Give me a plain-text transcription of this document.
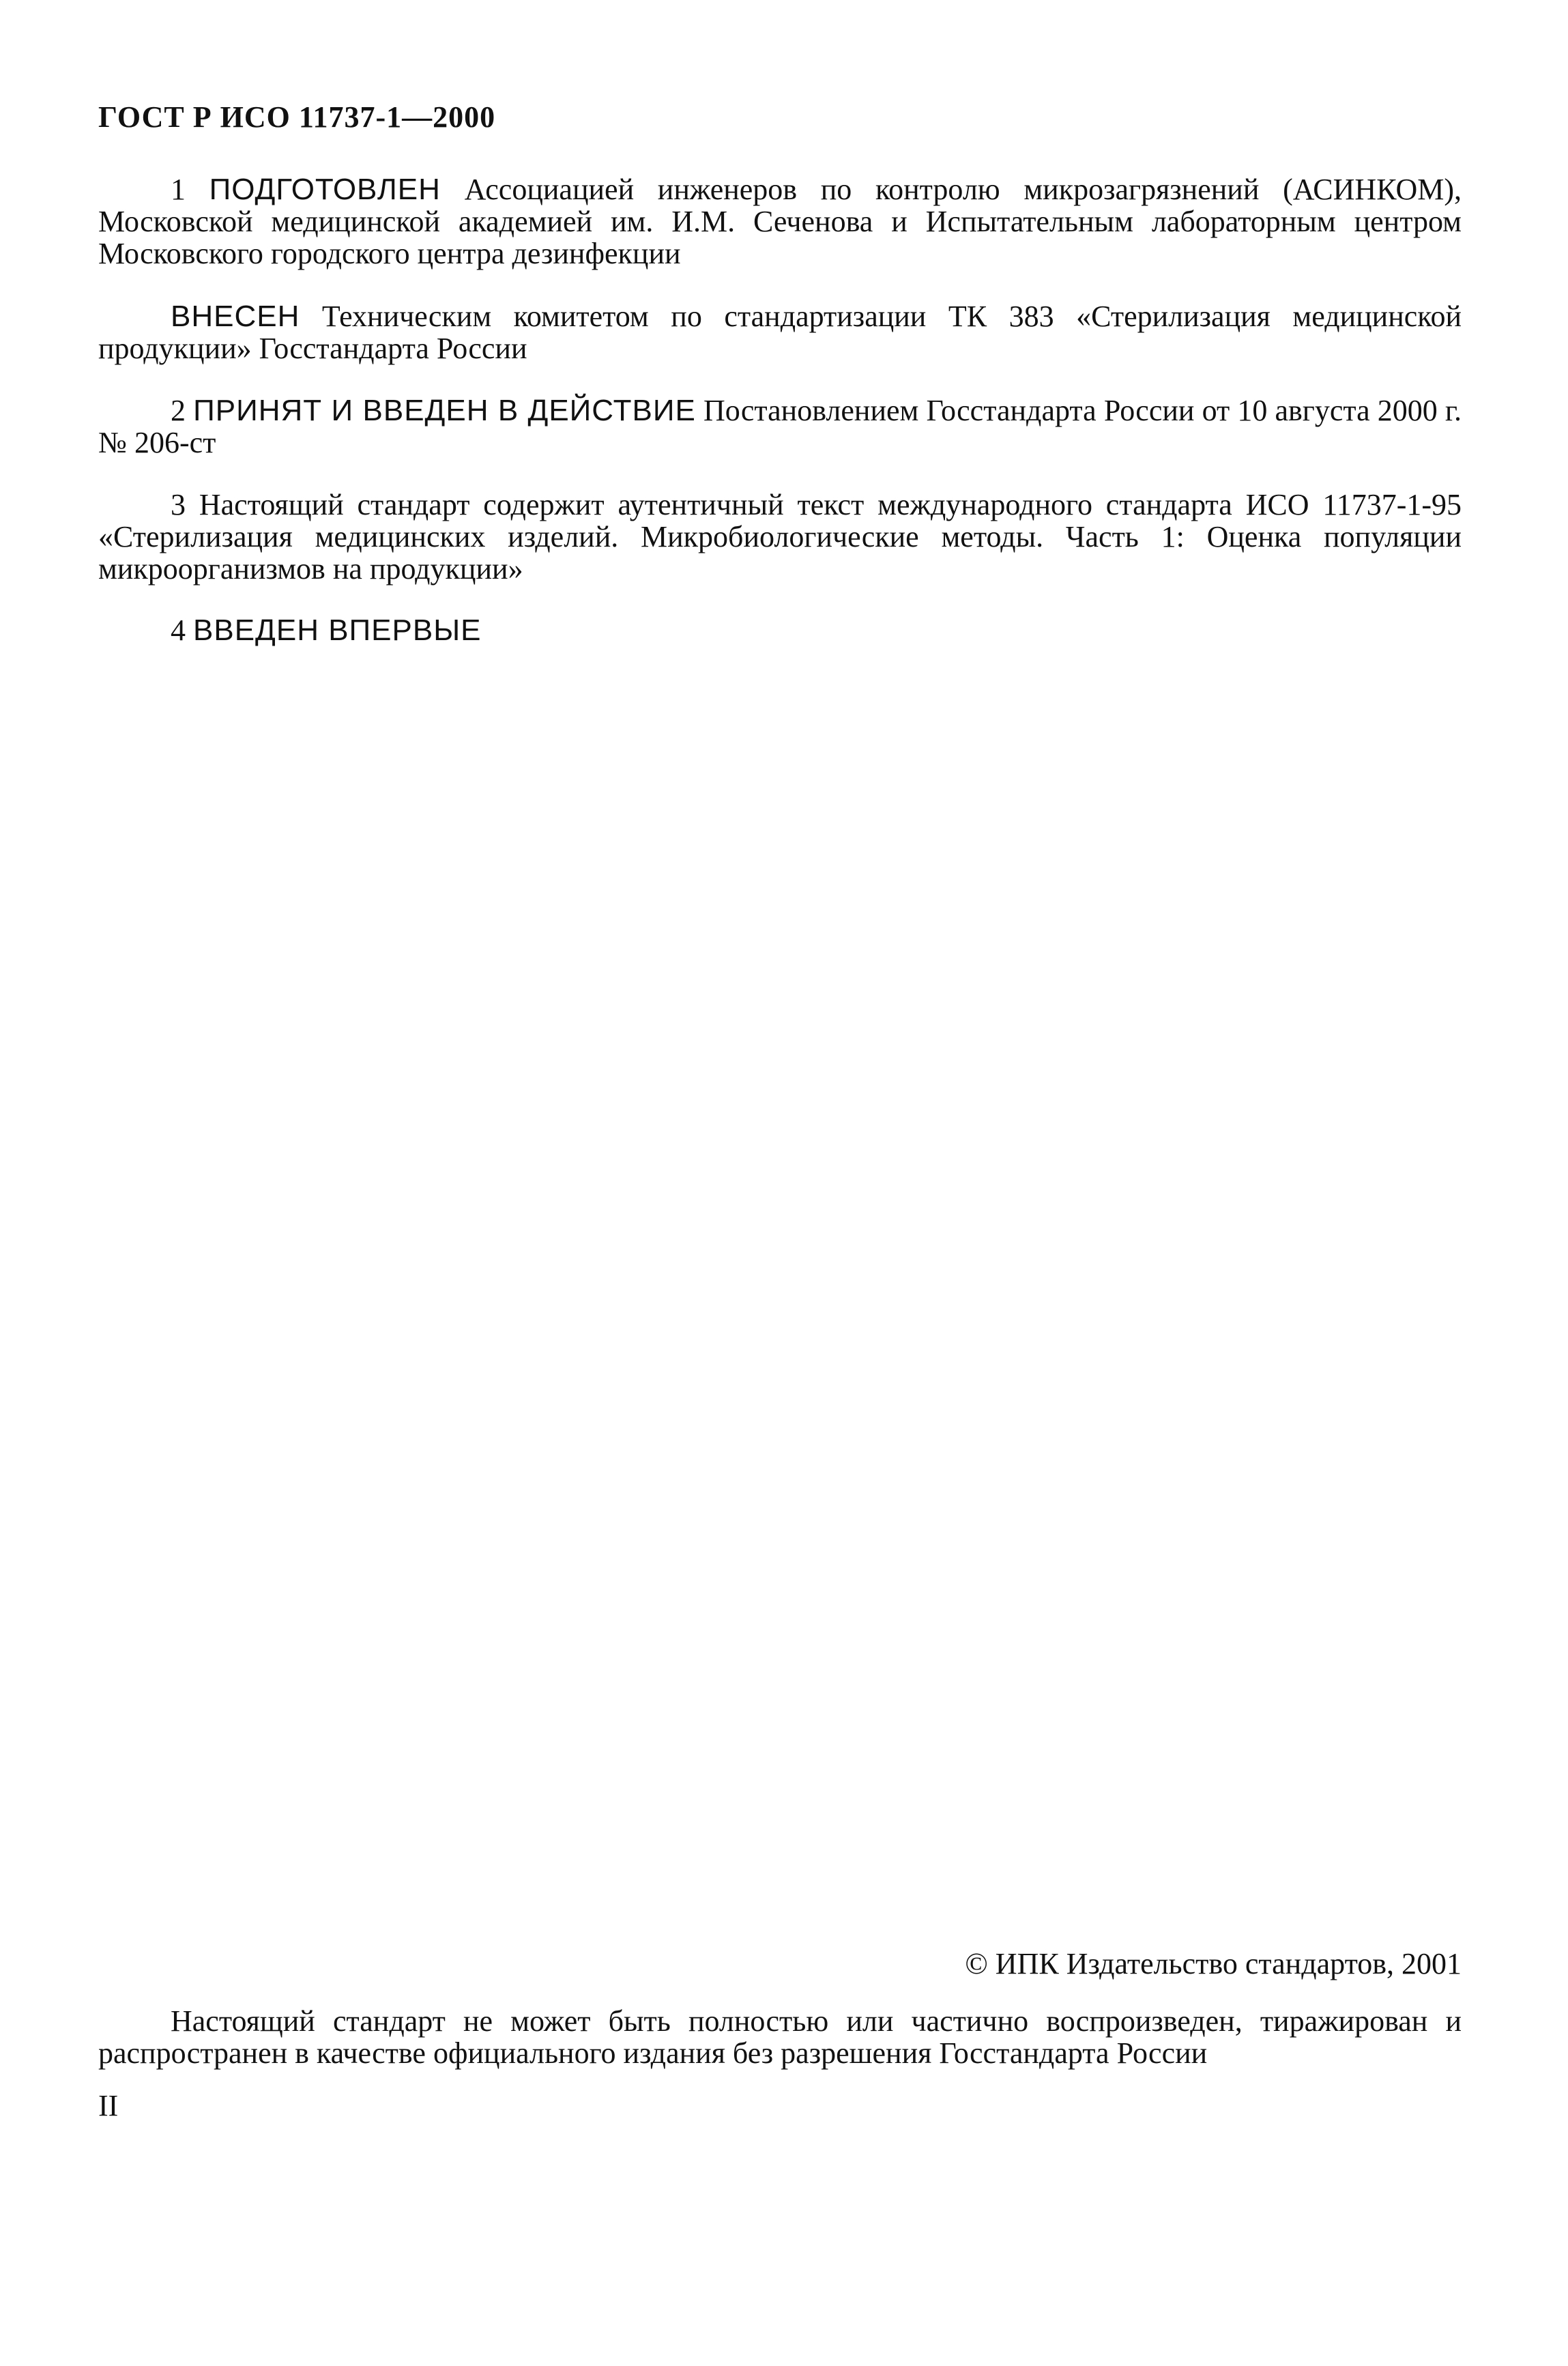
ГОСТ Р ИСО 11737-1—2000
1 ПОДГОТОВЛЕН Ассоциацией инженеров по контролю микрозагрязнений (АСИНКОМ), Московской медицинской академией им. И.М. Сеченова и Испытательным лабораторным центром Московского городского центра дезинфекции
ВНЕСЕН Техническим комитетом по стандартизации ТК 383 «Стерилизация медицинской продукции» Госстандарта России
2 ПРИНЯТ И ВВЕДЕН В ДЕЙСТВИЕ Постановлением Госстандарта России от 10 августа 2000 г. № 206-ст
3 Настоящий стандарт содержит аутентичный текст международного стандарта ИСО 11737-1-95 «Стерилизация медицинских изделий. Микробиологические методы. Часть 1: Оценка популяции микроорганизмов на продукции»
4 ВВЕДЕН ВПЕРВЫЕ
© ИПК Издательство стандартов, 2001
Настоящий стандарт не может быть полностью или частично воспроизведен, тиражирован и распространен в качестве официального издания без разрешения Госстандарта России
II
